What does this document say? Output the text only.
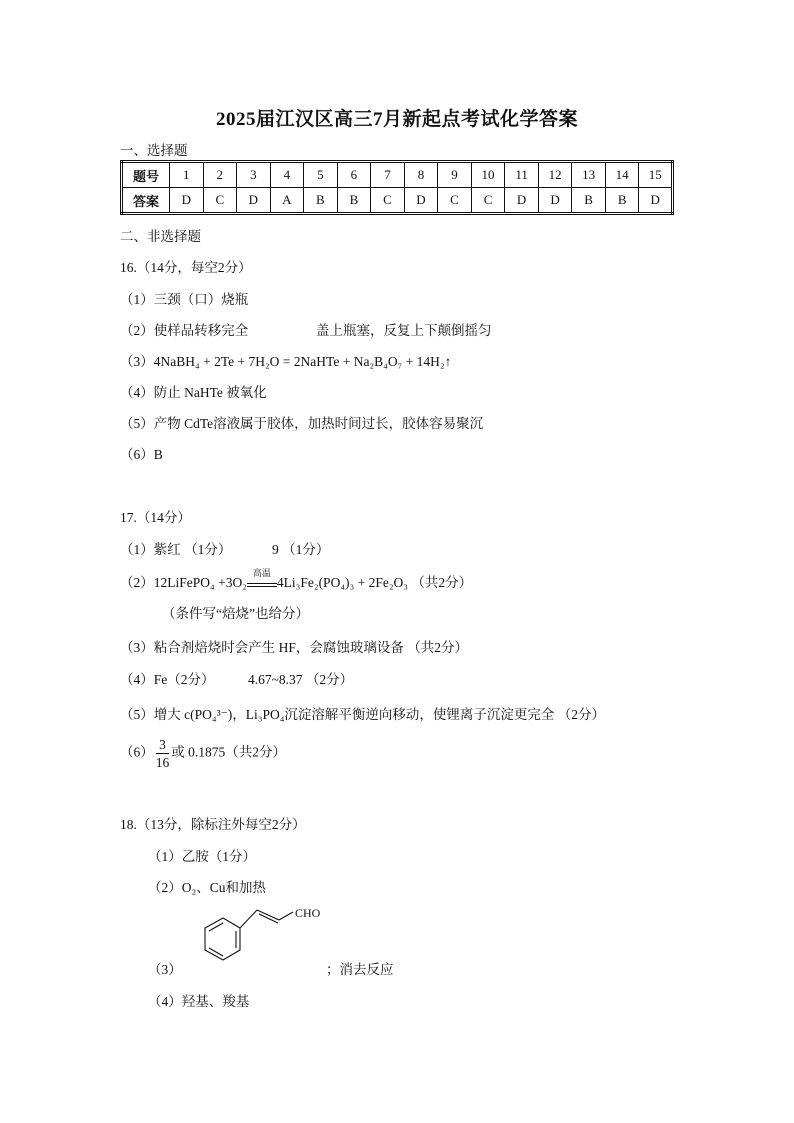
2025届江汉区高三7月新起点考试化学答案
一、选择题
题号	1	2	3	4	5	6	7	8	9	10	11	12	13	14	15
答案	D	C	D	A	B	B	C	D	C	C	D	D	B	B	D
二、非选择题
16.（14分，每空2分）
（1）三颈（口）烧瓶
（2）使样品转移完全	盖上瓶塞，反复上下颠倒摇匀
（3）4NaBH₄ + 2Te + 7H₂O = 2NaHTe + Na₂B₄O₇ + 14H₂↑
（4）防止 NaHTe 被氧化
（5）产物 CdTe溶液属于胶体，加热时间过长，胶体容易聚沉
（6）B
17.（14分）
（1）紫红 （1分）	9 （1分）
（2）12LiFePO₄ +3O₂
高温
4Li₃Fe₂(PO₄)₃ + 2Fe₂O₃ （共2分）
（条件写“焙烧”也给分）
（3）粘合剂焙烧时会产生 HF，会腐蚀玻璃设备 （共2分）
（4）Fe（2分） 4.67~8.37 （2分）
（5）增大 c(PO₄³⁻)，Li₃PO₄沉淀溶解平衡逆向移动，使锂离子沉淀更完全 （2分）
$(6) \frac{3}{16}$ 或 0.1875（共2分）
18.（13分，除标注外每空2分）
（1）乙胺（1分）
（2）O₂、Cu和加热
CHO
（3）	；消去反应
（4）羟基、羧基
